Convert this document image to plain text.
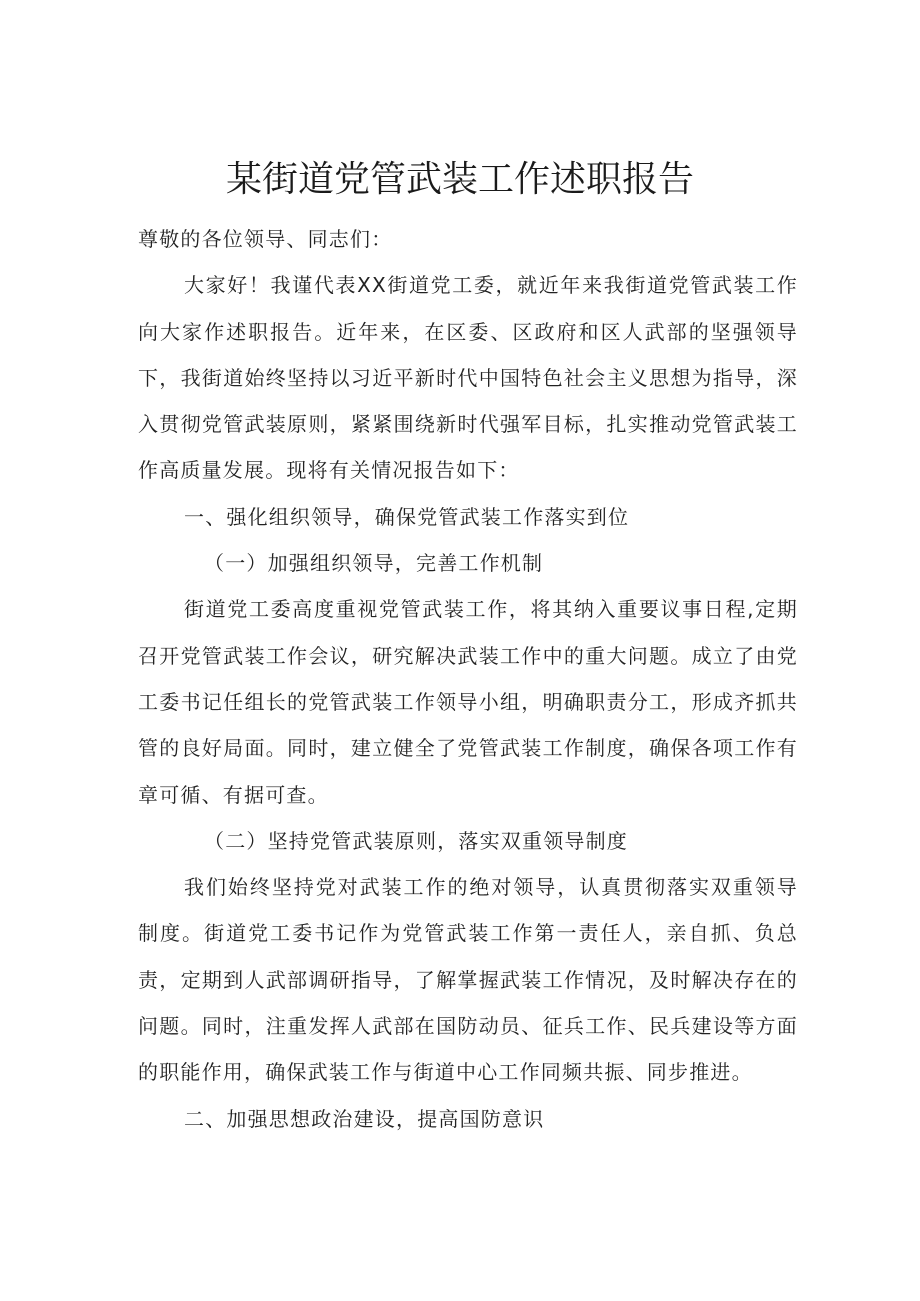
某街道党管武装工作述职报告

尊敬的各位领导、同志们：

大家好！我谨代表XX街道党工委，就近年来我街道党管武装工作向大家作述职报告。近年来，在区委、区政府和区人武部的坚强领导下，我街道始终坚持以习近平新时代中国特色社会主义思想为指导，深入贯彻党管武装原则，紧紧围绕新时代强军目标，扎实推动党管武装工作高质量发展。现将有关情况报告如下：

一、强化组织领导，确保党管武装工作落实到位

（一）加强组织领导，完善工作机制

街道党工委高度重视党管武装工作，将其纳入重要议事日程,定期召开党管武装工作会议，研究解决武装工作中的重大问题。成立了由党工委书记任组长的党管武装工作领导小组，明确职责分工，形成齐抓共管的良好局面。同时，建立健全了党管武装工作制度，确保各项工作有章可循、有据可查。

（二）坚持党管武装原则，落实双重领导制度

我们始终坚持党对武装工作的绝对领导，认真贯彻落实双重领导制度。街道党工委书记作为党管武装工作第一责任人，亲自抓、负总责，定期到人武部调研指导，了解掌握武装工作情况，及时解决存在的问题。同时，注重发挥人武部在国防动员、征兵工作、民兵建设等方面的职能作用，确保武装工作与街道中心工作同频共振、同步推进。

二、加强思想政治建设，提高国防意识
